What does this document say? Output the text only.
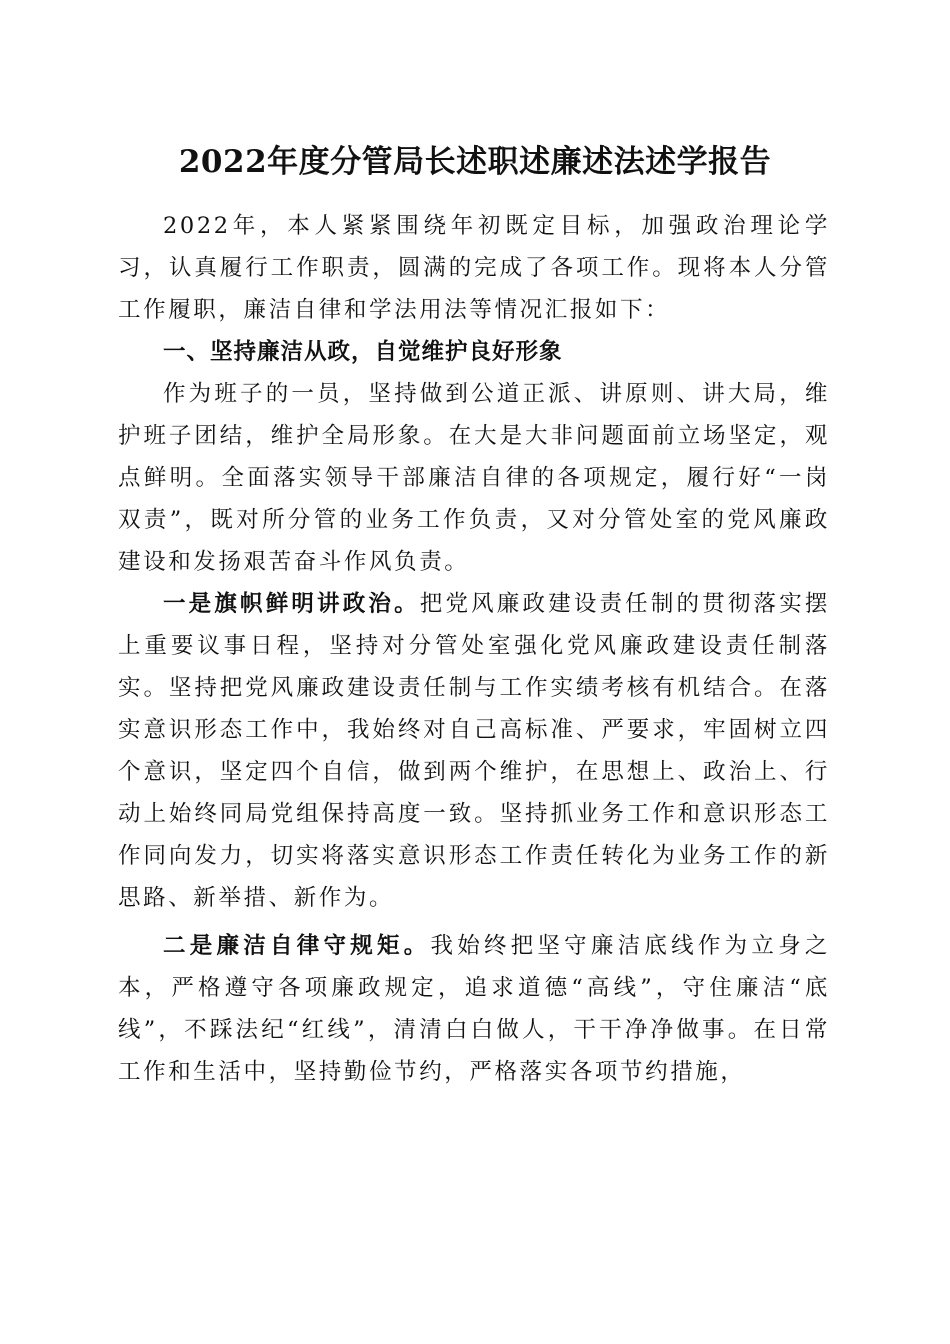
2022年度分管局长述职述廉述法述学报告

2022年，本人紧紧围绕年初既定目标，加强政治理论学习，认真履行工作职责，圆满的完成了各项工作。现将本人分管工作履职，廉洁自律和学法用法等情况汇报如下：

一、坚持廉洁从政，自觉维护良好形象

作为班子的一员，坚持做到公道正派、讲原则、讲大局，维护班子团结，维护全局形象。在大是大非问题面前立场坚定，观点鲜明。全面落实领导干部廉洁自律的各项规定，履行好“一岗双责”，既对所分管的业务工作负责，又对分管处室的党风廉政建设和发扬艰苦奋斗作风负责。

一是旗帜鲜明讲政治。把党风廉政建设责任制的贯彻落实摆上重要议事日程，坚持对分管处室强化党风廉政建设责任制落实。坚持把党风廉政建设责任制与工作实绩考核有机结合。在落实意识形态工作中，我始终对自己高标准、严要求，牢固树立四个意识，坚定四个自信，做到两个维护，在思想上、政治上、行动上始终同局党组保持高度一致。坚持抓业务工作和意识形态工作同向发力，切实将落实意识形态工作责任转化为业务工作的新思路、新举措、新作为。

二是廉洁自律守规矩。我始终把坚守廉洁底线作为立身之本，严格遵守各项廉政规定，追求道德“高线”，守住廉洁“底线”，不踩法纪“红线”，清清白白做人，干干净净做事。在日常工作和生活中，坚持勤俭节约，严格落实各项节约措施，
